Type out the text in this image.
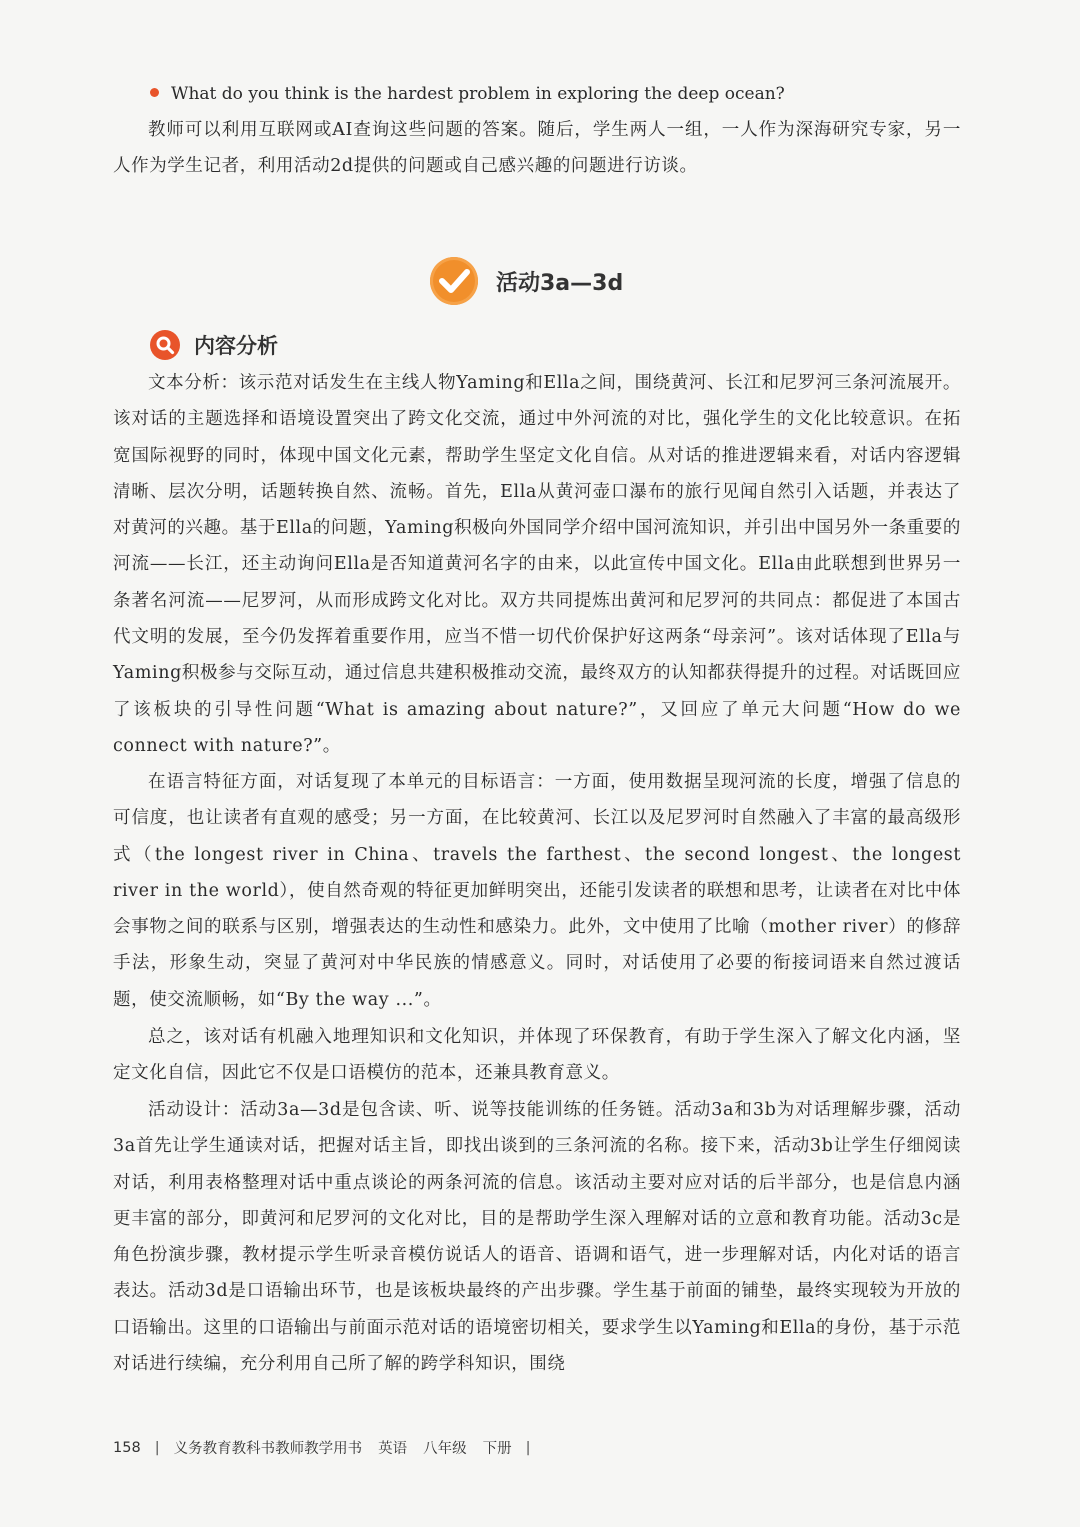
What do you think is the hardest problem in exploring the deep ocean?

教师可以利用互联网或AI查询这些问题的答案。随后，学生两人一组，一人作为深海研究专家，另一人作为学生记者，利用活动2d提供的问题或自己感兴趣的问题进行访谈。

活动3a—3d
内容分析

文本分析：该示范对话发生在主线人物Yaming和Ella之间，围绕黄河、长江和尼罗河三条河流展开。该对话的主题选择和语境设置突出了跨文化交流，通过中外河流的对比，强化学生的文化比较意识。在拓宽国际视野的同时，体现中国文化元素，帮助学生坚定文化自信。从对话的推进逻辑来看，对话内容逻辑清晰、层次分明，话题转换自然、流畅。首先，Ella从黄河壶口瀑布的旅行见闻自然引入话题，并表达了对黄河的兴趣。基于Ella的问题，Yaming积极向外国同学介绍中国河流知识，并引出中国另外一条重要的河流——长江，还主动询问Ella是否知道黄河名字的由来，以此宣传中国文化。Ella由此联想到世界另一条著名河流——尼罗河，从而形成跨文化对比。双方共同提炼出黄河和尼罗河的共同点：都促进了本国古代文明的发展，至今仍发挥着重要作用，应当不惜一切代价保护好这两条“母亲河”。该对话体现了Ella与Yaming积极参与交际互动，通过信息共建积极推动交流，最终双方的认知都获得提升的过程。对话既回应了该板块的引导性问题“What is amazing about nature?”，又回应了单元大问题“How do we connect with nature?”。

在语言特征方面，对话复现了本单元的目标语言：一方面，使用数据呈现河流的长度，增强了信息的可信度，也让读者有直观的感受；另一方面，在比较黄河、长江以及尼罗河时自然融入了丰富的最高级形式（the longest river in China、travels the farthest、the second longest、the longest river in the world），使自然奇观的特征更加鲜明突出，还能引发读者的联想和思考，让读者在对比中体会事物之间的联系与区别，增强表达的生动性和感染力。此外，文中使用了比喻（mother river）的修辞手法，形象生动，突显了黄河对中华民族的情感意义。同时，对话使用了必要的衔接词语来自然过渡话题，使交流顺畅，如“By the way ...”。

总之，该对话有机融入地理知识和文化知识，并体现了环保教育，有助于学生深入了解文化内涵，坚定文化自信，因此它不仅是口语模仿的范本，还兼具教育意义。

活动设计：活动3a—3d是包含读、听、说等技能训练的任务链。活动3a和3b为对话理解步骤，活动3a首先让学生通读对话，把握对话主旨，即找出谈到的三条河流的名称。接下来，活动3b让学生仔细阅读对话，利用表格整理对话中重点谈论的两条河流的信息。该活动主要对应对话的后半部分，也是信息内涵更丰富的部分，即黄河和尼罗河的文化对比，目的是帮助学生深入理解对话的立意和教育功能。活动3c是角色扮演步骤，教材提示学生听录音模仿说话人的语音、语调和语气，进一步理解对话，内化对话的语言表达。活动3d是口语输出环节，也是该板块最终的产出步骤。学生基于前面的铺垫，最终实现较为开放的口语输出。这里的口语输出与前面示范对话的语境密切相关，要求学生以Yaming和Ella的身份，基于示范对话进行续编，充分利用自己所了解的跨学科知识，围绕

158 | 义务教育教科书教师教学用书 英语 八年级 下册 |
